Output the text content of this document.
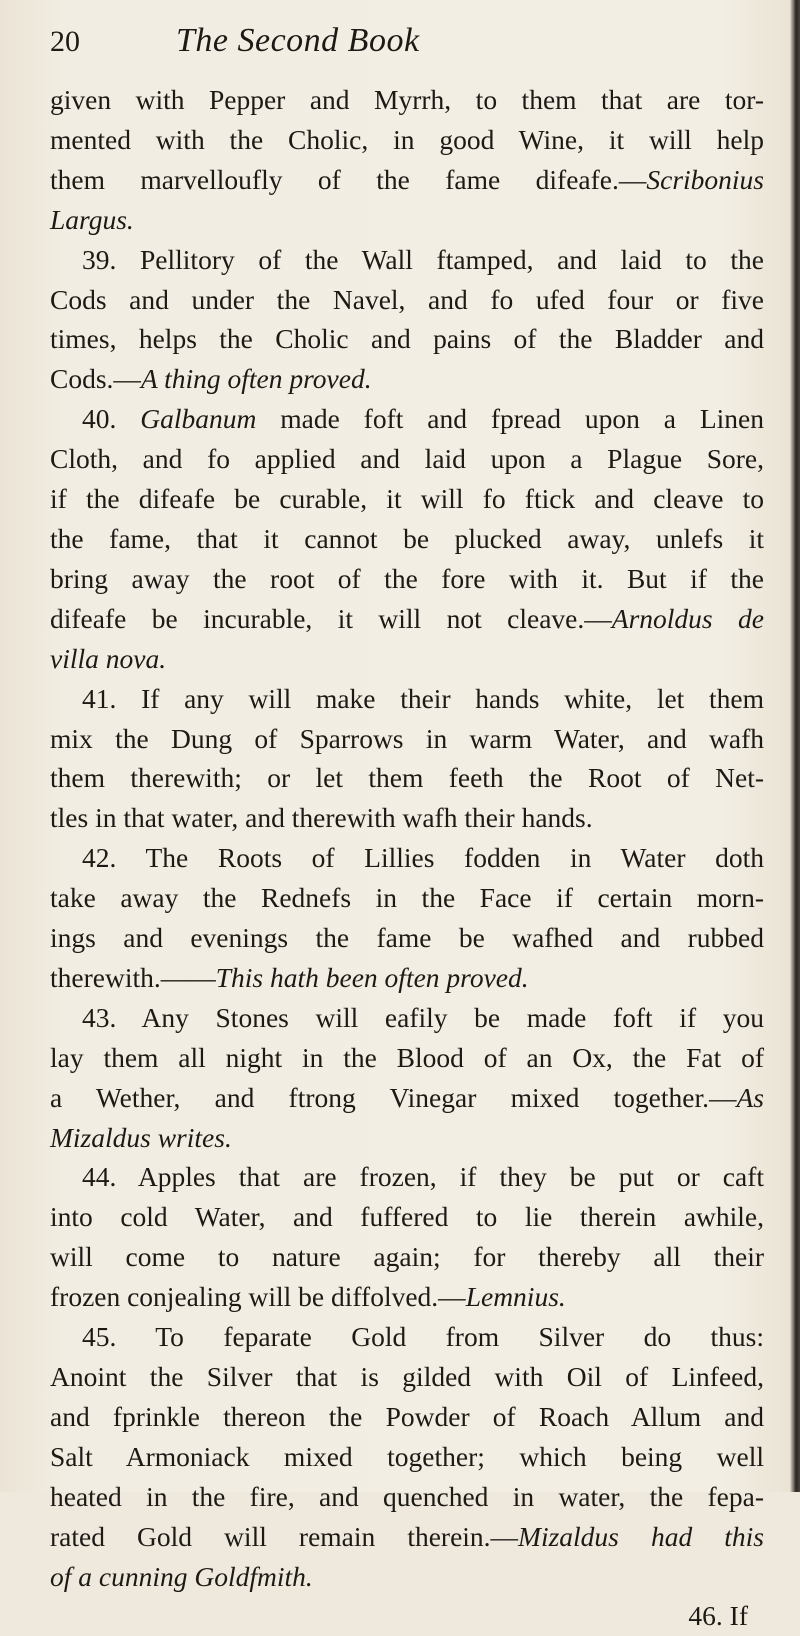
20	The Second Book
given with Pepper and Myrrh, to them that are tor-
mented with the Cholic, in good Wine, it will help
them marvelloufly of the fame difeafe.—Scribonius
Largus.
39. Pellitory of the Wall ftamped, and laid to the
Cods and under the Navel, and fo ufed four or five
times, helps the Cholic and pains of the Bladder and
Cods.—A thing often proved.
40. Galbanum made foft and fpread upon a Linen
Cloth, and fo applied and laid upon a Plague Sore,
if the difeafe be curable, it will fo ftick and cleave to
the fame, that it cannot be plucked away, unlefs it
bring away the root of the fore with it. But if the
difeafe be incurable, it will not cleave.—Arnoldus de
villa nova.
41. If any will make their hands white, let them
mix the Dung of Sparrows in warm Water, and wafh
them therewith; or let them feeth the Root of Net-
tles in that water, and therewith wafh their hands.
42. The Roots of Lillies fodden in Water doth
take away the Rednefs in the Face if certain morn-
ings and evenings the fame be wafhed and rubbed
therewith.——This hath been often proved.
43. Any Stones will eafily be made foft if you
lay them all night in the Blood of an Ox, the Fat of
a Wether, and ftrong Vinegar mixed together.—As
Mizaldus writes.
44. Apples that are frozen, if they be put or caft
into cold Water, and fuffered to lie therein awhile,
will come to nature again; for thereby all their
frozen conjealing will be diffolved.—Lemnius.
45. To feparate Gold from Silver do thus:
Anoint the Silver that is gilded with Oil of Linfeed,
and fprinkle thereon the Powder of Roach Allum and
Salt Armoniack mixed together; which being well
heated in the fire, and quenched in water, the fepa-
rated Gold will remain therein.—Mizaldus had this
of a cunning Goldfmith.
46. If
